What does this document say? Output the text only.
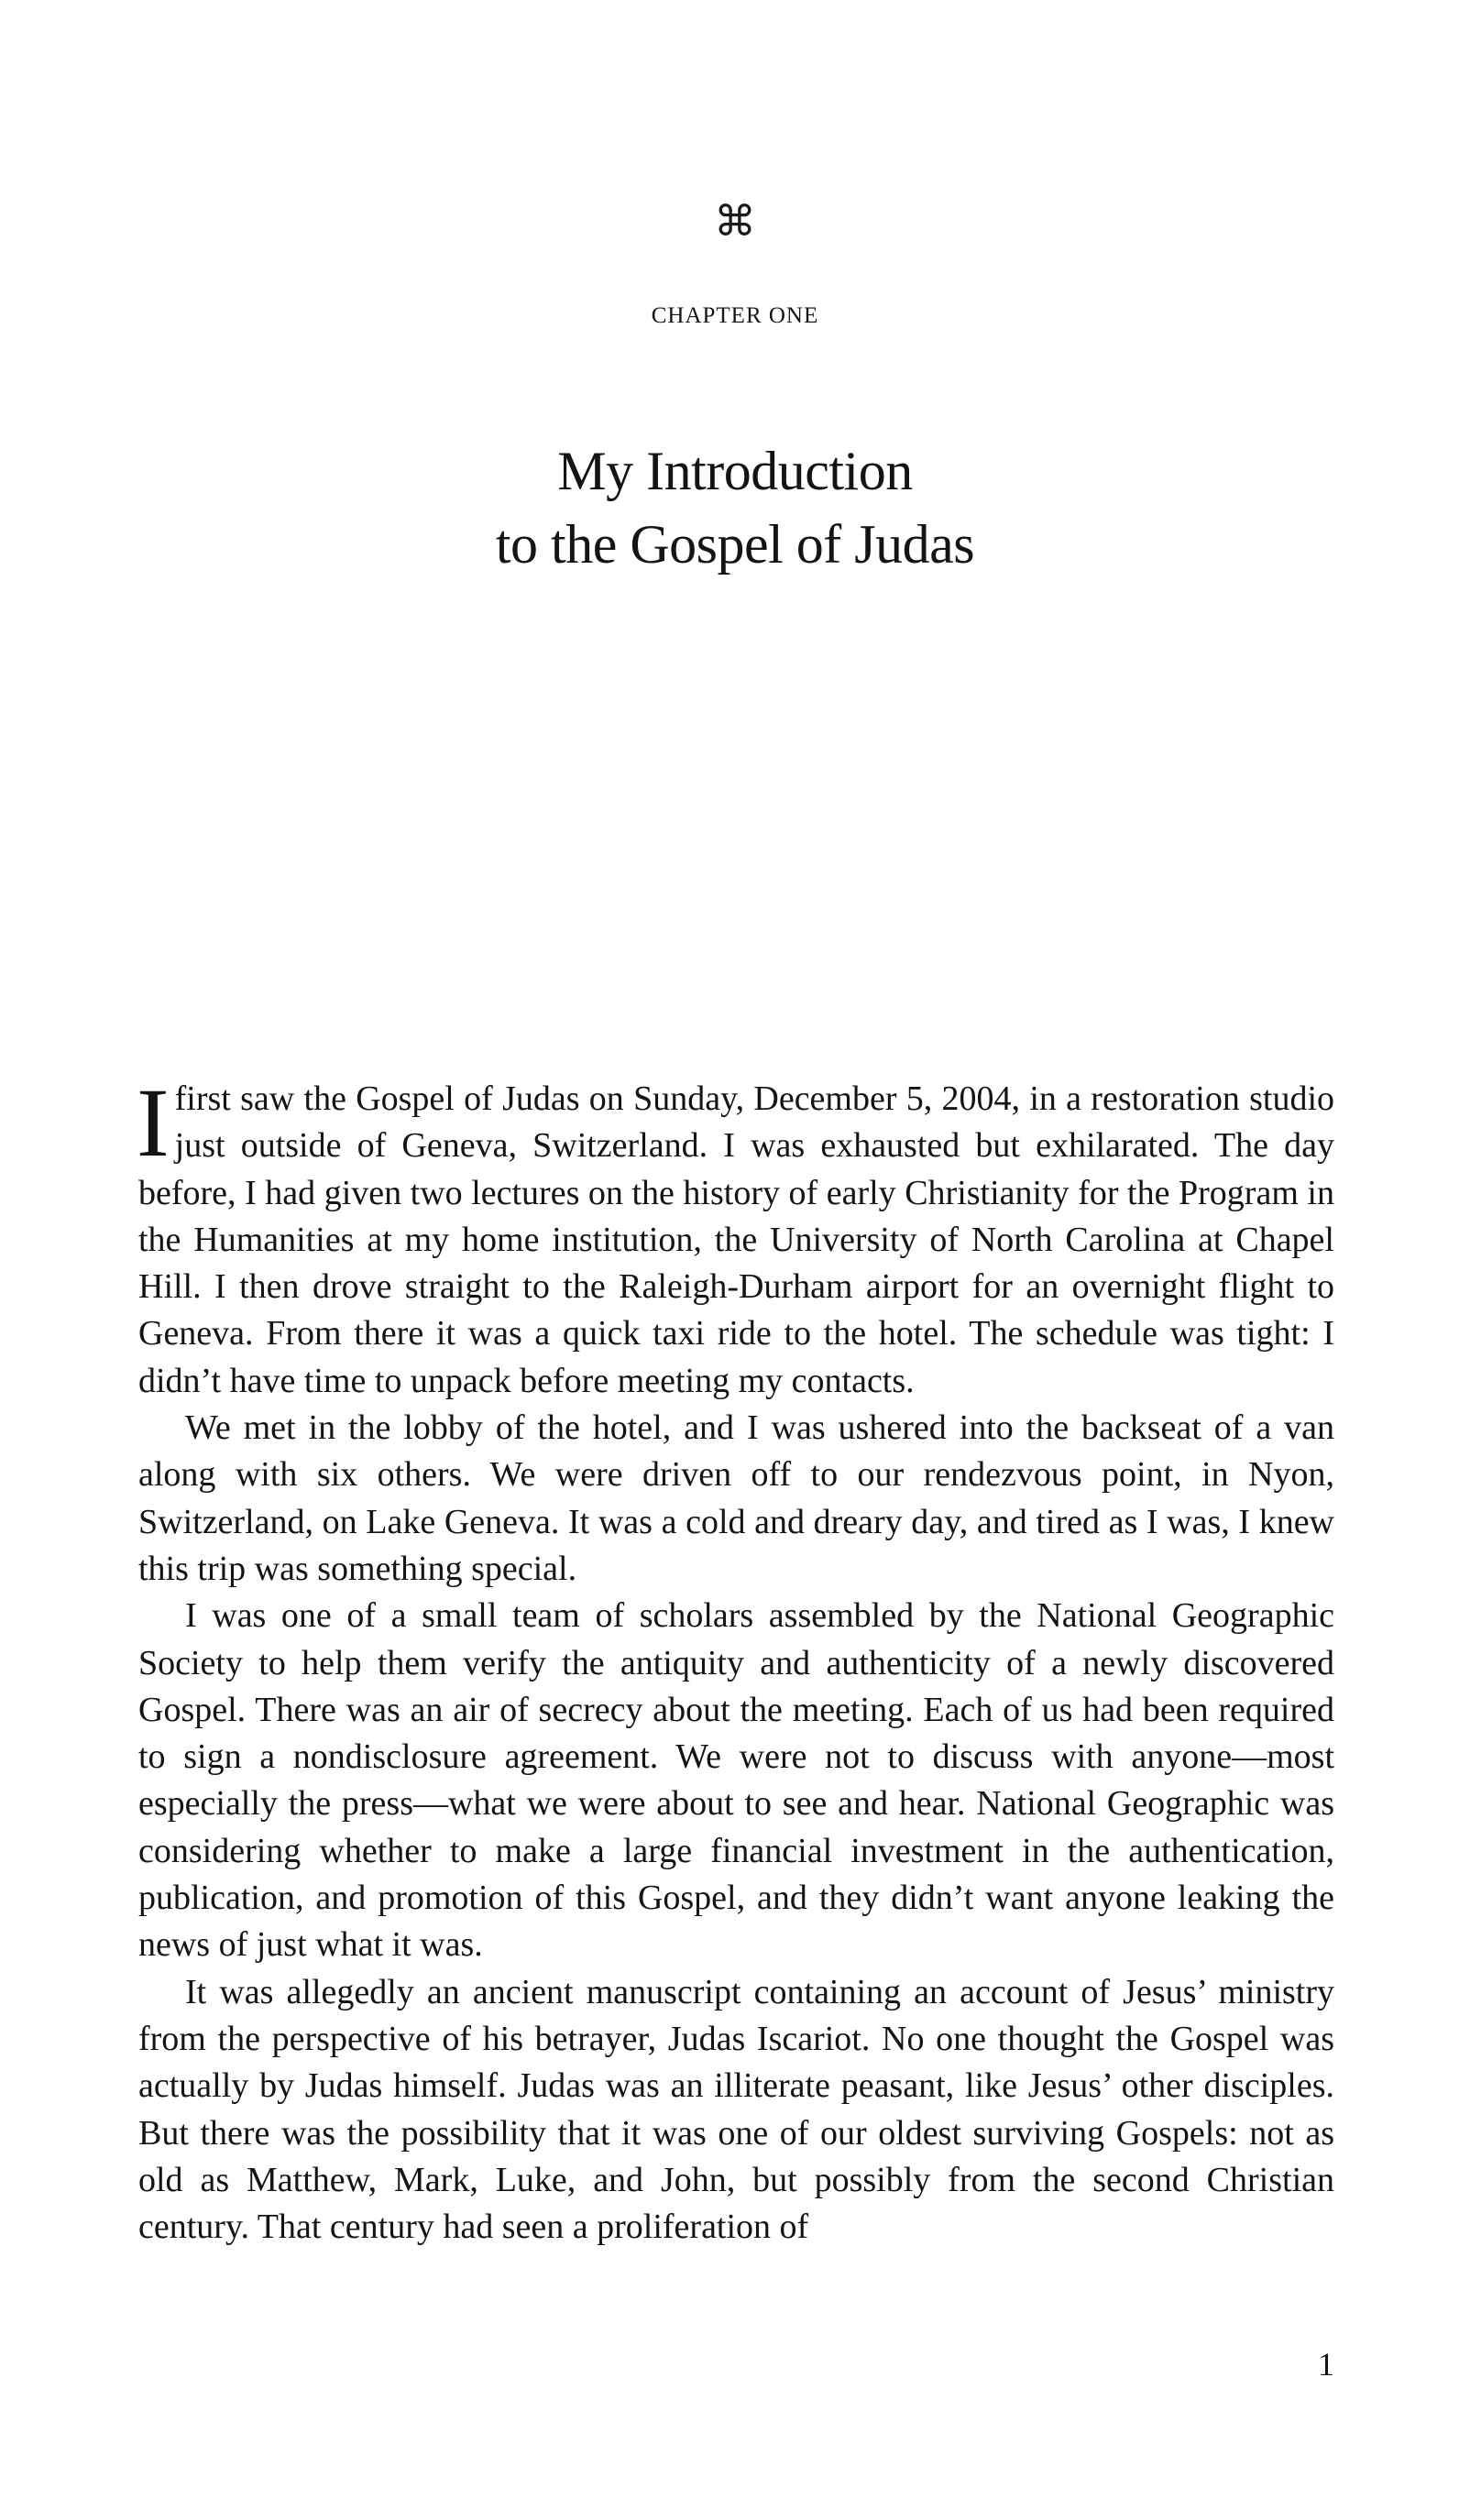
⌘
CHAPTER ONE
My Introduction
to the Gospel of Judas

I first saw the Gospel of Judas on Sunday, December 5, 2004, in a restoration studio just outside of Geneva, Switzerland. I was exhausted but exhilarated. The day before, I had given two lectures on the history of early Christianity for the Program in the Humanities at my home institution, the University of North Carolina at Chapel Hill. I then drove straight to the Raleigh-Durham airport for an overnight flight to Geneva. From there it was a quick taxi ride to the hotel. The schedule was tight: I didn’t have time to unpack before meeting my contacts.

We met in the lobby of the hotel, and I was ushered into the backseat of a van along with six others. We were driven off to our rendezvous point, in Nyon, Switzerland, on Lake Geneva. It was a cold and dreary day, and tired as I was, I knew this trip was something special.

I was one of a small team of scholars assembled by the National Geographic Society to help them verify the antiquity and authenticity of a newly discovered Gospel. There was an air of secrecy about the meeting. Each of us had been required to sign a nondisclosure agreement. We were not to discuss with anyone—most especially the press—what we were about to see and hear. National Geographic was considering whether to make a large financial investment in the authentication, publication, and promotion of this Gospel, and they didn’t want anyone leaking the news of just what it was.

It was allegedly an ancient manuscript containing an account of Jesus’ ministry from the perspective of his betrayer, Judas Iscariot. No one thought the Gospel was actually by Judas himself. Judas was an illiterate peasant, like Jesus’ other disciples. But there was the possibility that it was one of our oldest surviving Gospels: not as old as Matthew, Mark, Luke, and John, but possibly from the second Christian century. That century had seen a proliferation of

1
